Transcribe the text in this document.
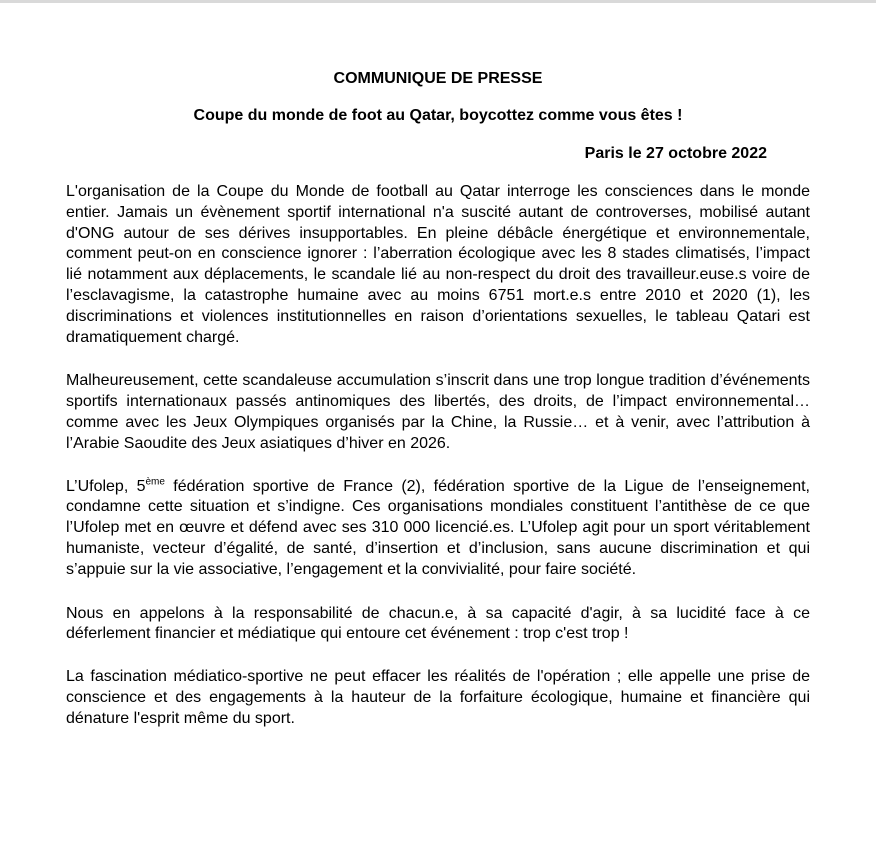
COMMUNIQUE DE PRESSE

Coupe du monde de foot au Qatar, boycottez comme vous êtes !

Paris le 27 octobre 2022

L'organisation de la Coupe du Monde de football au Qatar interroge les consciences dans le monde entier. Jamais un évènement sportif international n'a suscité autant de controverses, mobilisé autant d'ONG autour de ses dérives insupportables. En pleine débâcle énergétique et environnementale, comment peut-on en conscience ignorer : l’aberration écologique avec les 8 stades climatisés, l’impact lié notamment aux déplacements, le scandale lié au non-respect du droit des travailleur.euse.s voire de l’esclavagisme, la catastrophe humaine avec au moins 6751 mort.e.s entre 2010 et 2020 (1), les discriminations et violences institutionnelles en raison d’orientations sexuelles, le tableau Qatari est dramatiquement chargé.

Malheureusement, cette scandaleuse accumulation s’inscrit dans une trop longue tradition d’événements sportifs internationaux passés antinomiques des libertés, des droits, de l’impact environnemental… comme avec les Jeux Olympiques organisés par la Chine, la Russie… et à venir, avec l’attribution à l’Arabie Saoudite des Jeux asiatiques d’hiver en 2026.

L’Ufolep, 5ème fédération sportive de France (2), fédération sportive de la Ligue de l’enseignement, condamne cette situation et s’indigne. Ces organisations mondiales constituent l’antithèse de ce que l’Ufolep met en œuvre et défend avec ses 310 000 licencié.es. L’Ufolep agit pour un sport véritablement humaniste, vecteur d’égalité, de santé, d’insertion et d’inclusion, sans aucune discrimination et qui s’appuie sur la vie associative, l’engagement et la convivialité, pour faire société.

Nous en appelons à la responsabilité de chacun.e, à sa capacité d'agir, à sa lucidité face à ce déferlement financier et médiatique qui entoure cet événement : trop c'est trop !

La fascination médiatico-sportive ne peut effacer les réalités de l'opération ; elle appelle une prise de conscience et des engagements à la hauteur de la forfaiture écologique, humaine et financière qui dénature l'esprit même du sport.
